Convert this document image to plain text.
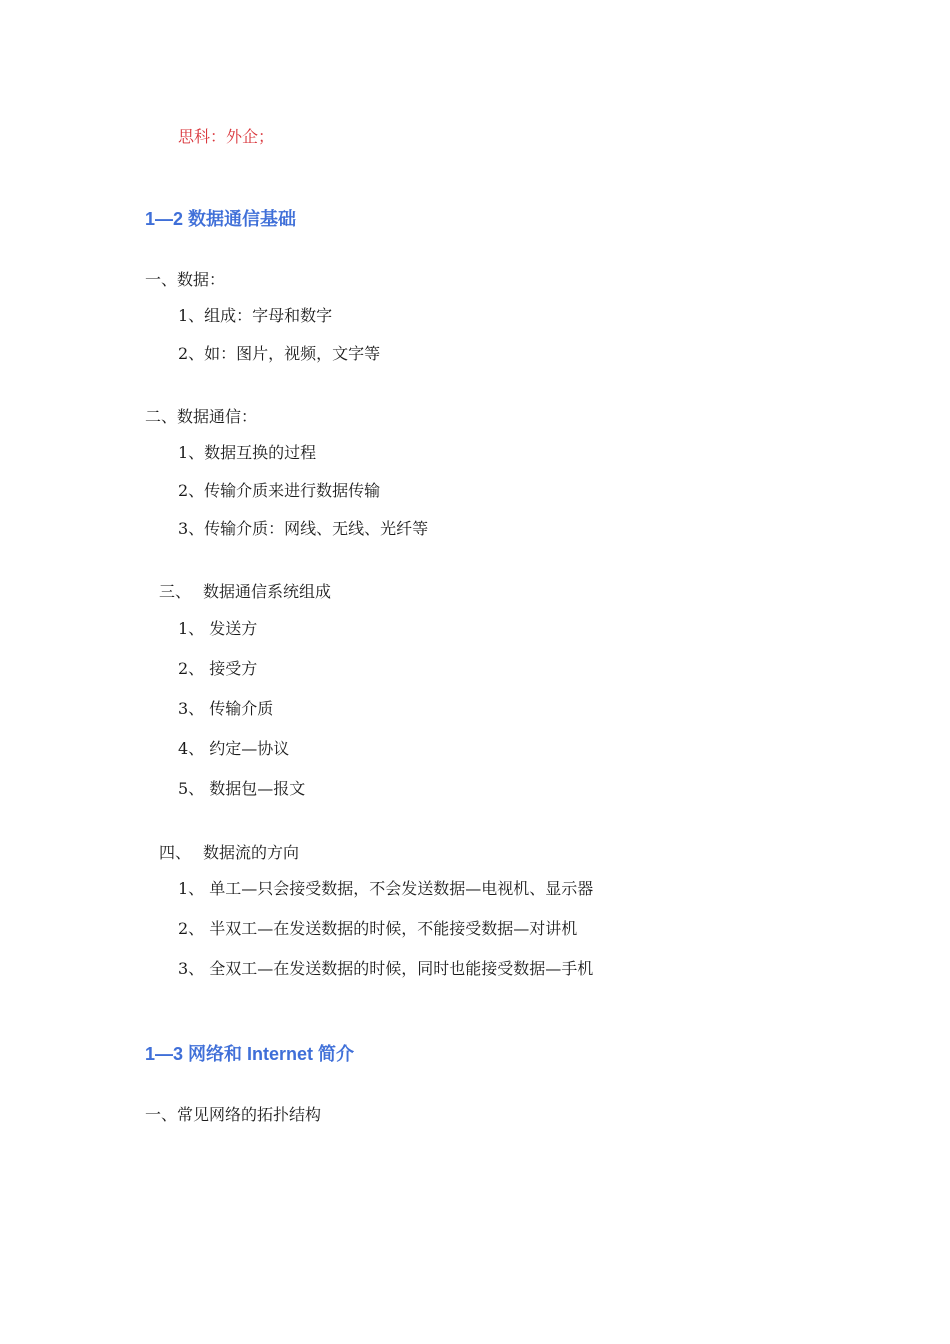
思科：外企；
1—2 数据通信基础
一、数据：
1、组成：字母和数字
2、如：图片，视频，文字等
二、数据通信：
1、数据互换的过程
2、传输介质来进行数据传输
3、传输介质：网线、无线、光纤等
三、 数据通信系统组成
1、 发送方
2、 接受方
3、 传输介质
4、 约定—协议
5、 数据包—报文
四、 数据流的方向
1、 单工—只会接受数据，不会发送数据—电视机、显示器
2、 半双工—在发送数据的时候，不能接受数据—对讲机
3、 全双工—在发送数据的时候，同时也能接受数据—手机
1—3 网络和 Internet 简介
一、常见网络的拓扑结构
